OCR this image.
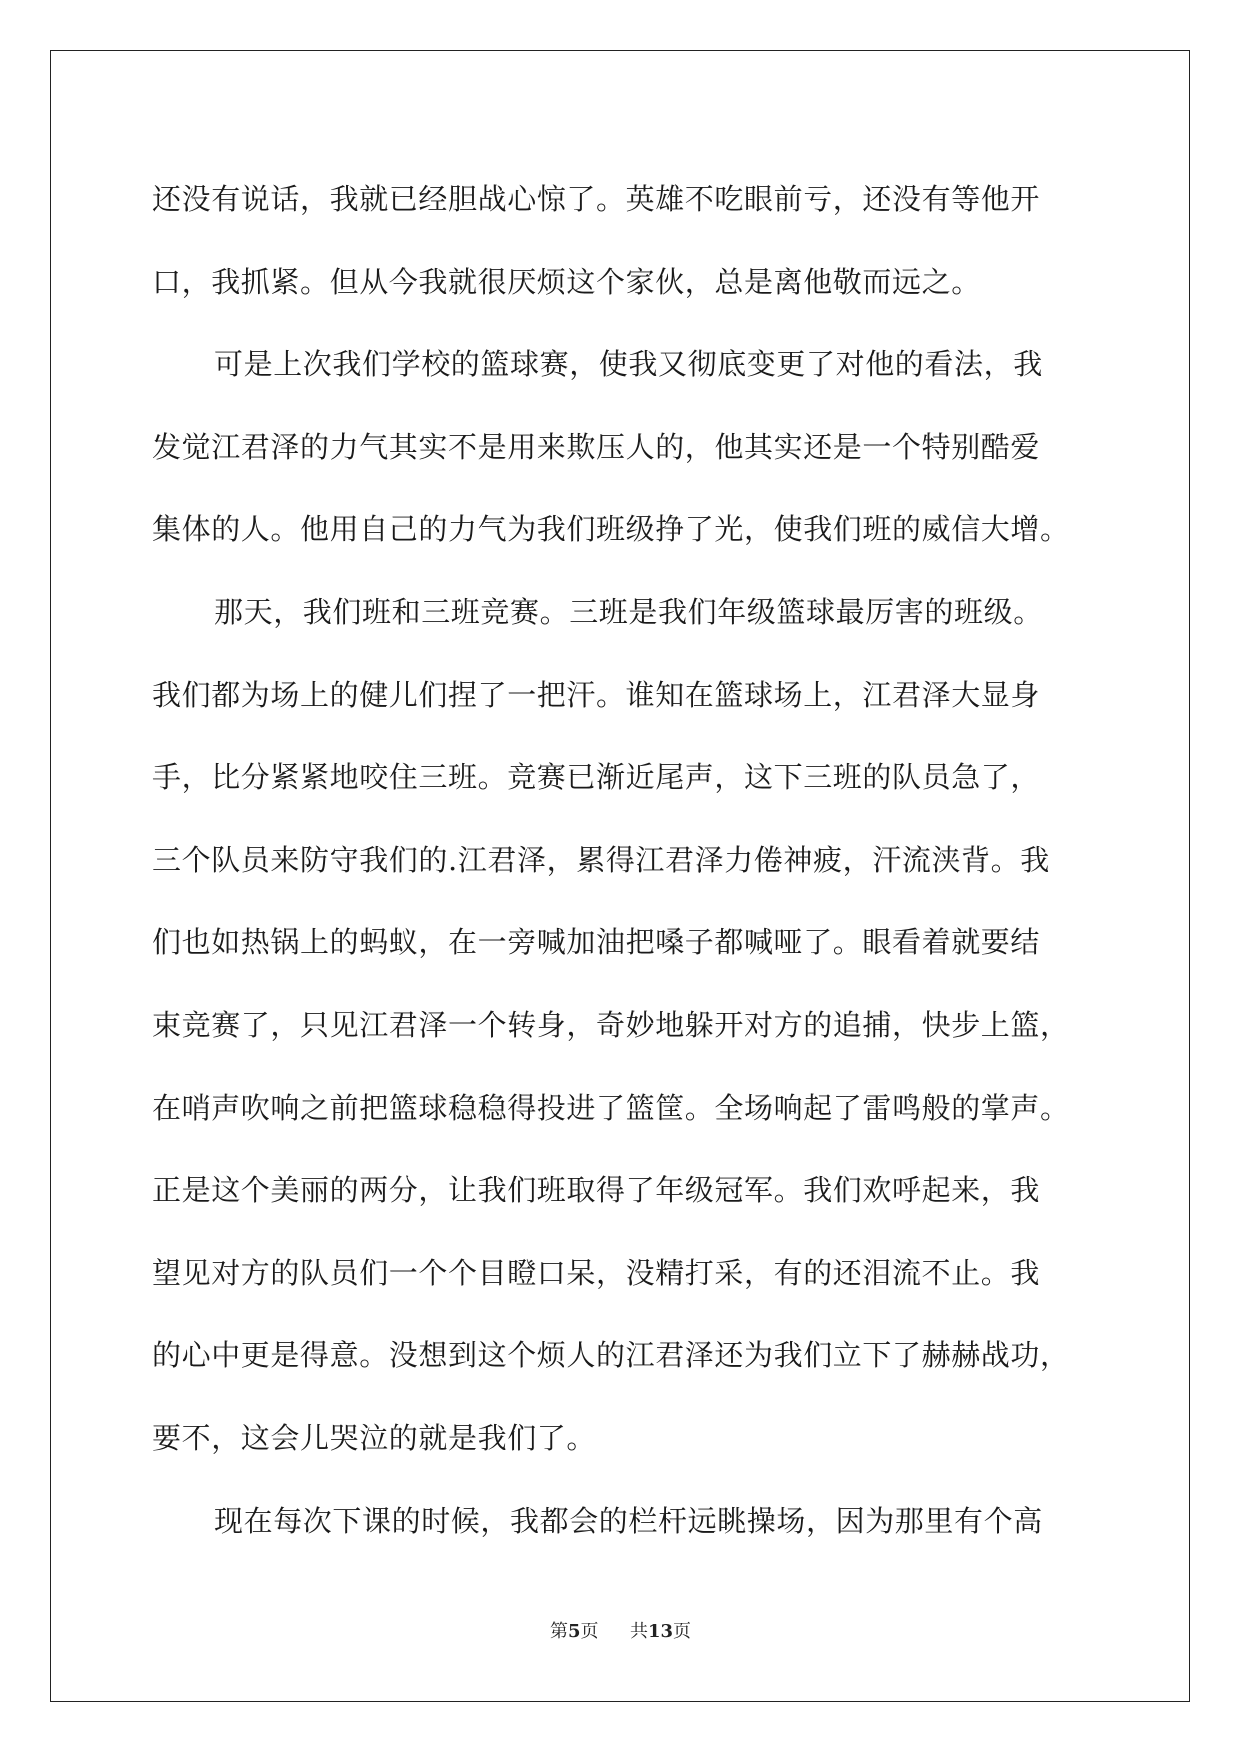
还没有说话，我就已经胆战心惊了。英雄不吃眼前亏，还没有等他开
口，我抓紧。但从今我就很厌烦这个家伙，总是离他敬而远之。
可是上次我们学校的篮球赛，使我又彻底变更了对他的看法，我
发觉江君泽的力气其实不是用来欺压人的，他其实还是一个特别酷爱
集体的人。他用自己的力气为我们班级挣了光，使我们班的威信大增。
那天，我们班和三班竞赛。三班是我们年级篮球最厉害的班级。
我们都为场上的健儿们捏了一把汗。谁知在篮球场上，江君泽大显身
手，比分紧紧地咬住三班。竞赛已渐近尾声，这下三班的队员急了，
三个队员来防守我们的.江君泽，累得江君泽力倦神疲，汗流浃背。我
们也如热锅上的蚂蚁，在一旁喊加油把嗓子都喊哑了。眼看着就要结
束竞赛了，只见江君泽一个转身，奇妙地躲开对方的追捕，快步上篮，
在哨声吹响之前把篮球稳稳得投进了篮筐。全场响起了雷鸣般的掌声。
正是这个美丽的两分，让我们班取得了年级冠军。我们欢呼起来，我
望见对方的队员们一个个目瞪口呆，没精打采，有的还泪流不止。我
的心中更是得意。没想到这个烦人的江君泽还为我们立下了赫赫战功，
要不，这会儿哭泣的就是我们了。
现在每次下课的时候，我都会的栏杆远眺操场，因为那里有个高
第5页 共13页
